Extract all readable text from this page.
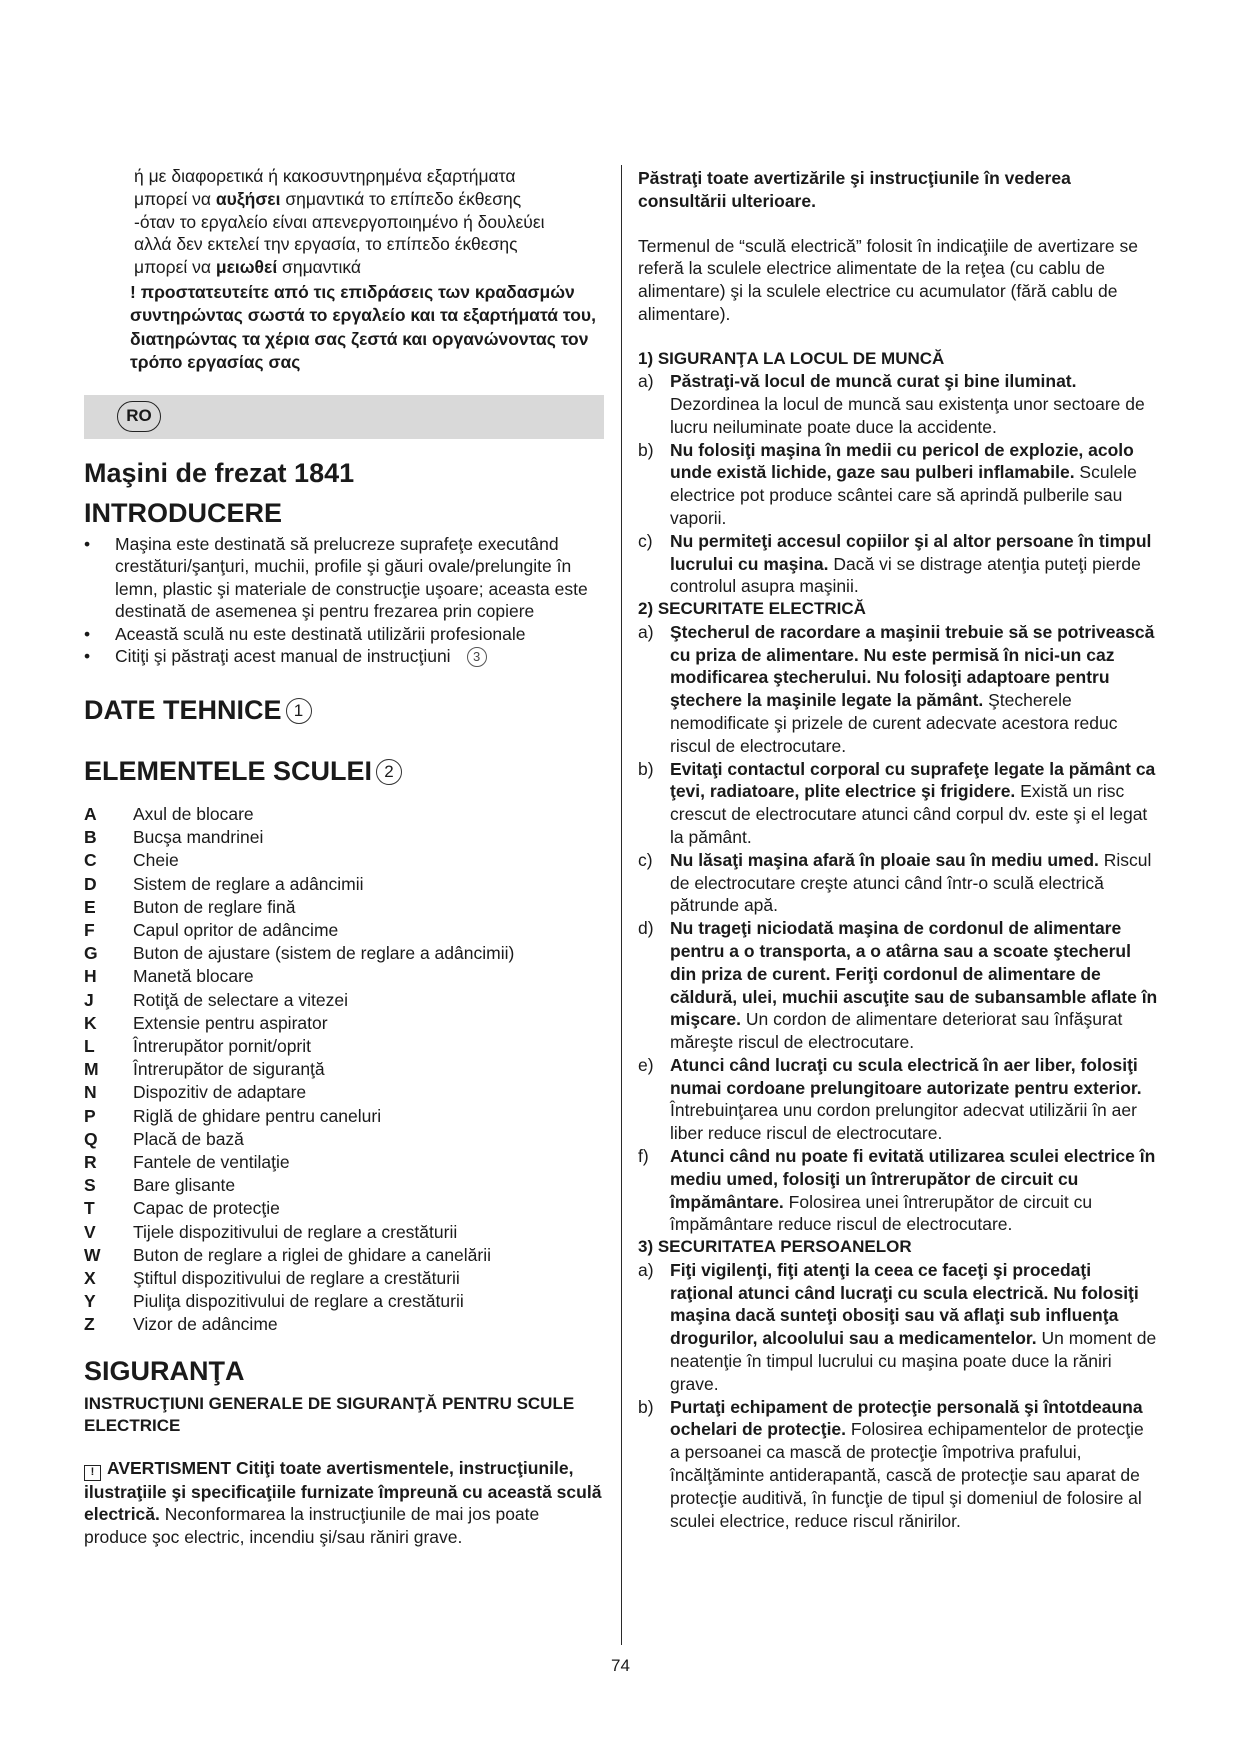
ή με διαφορετικά ή κακοσυντηρημένα εξαρτήματα
μπορεί να αυξήσει σημαντικά το επίπεδο έκθεσης
-όταν το εργαλείο είναι απενεργοποιημένο ή δουλεύει
αλλά δεν εκτελεί την εργασία, το επίπεδο έκθεσης
μπορεί να μειωθεί σημαντικά
! προστατευτείτε από τις επιδράσεις των κραδασμών συντηρώντας σωστά το εργαλείο και τα εξαρτήματά του, διατηρώντας τα χέρια σας ζεστά και οργανώνοντας τον τρόπο εργασίας σας
RO
Maşini de frezat 1841
INTRODUCERE
• Maşina este destinată să prelucreze suprafeţe executând crestături/şanţuri, muchii, profile şi găuri ovale/prelungite în lemn, plastic şi materiale de construcţie uşoare; aceasta este destinată de asemenea şi pentru frezarea prin copiere
• Această sculă nu este destinată utilizării profesionale
• Citiţi şi păstraţi acest manual de instrucţiuni 3
DATE TEHNICE 1
ELEMENTELE SCULEI 2
A	Axul de blocare
B	Bucşa mandrinei
C	Cheie
D	Sistem de reglare a adâncimii
E	Buton de reglare fină
F	Capul opritor de adâncime
G	Buton de ajustare (sistem de reglare a adâncimii)
H	Manetă blocare
J	Rotiţă de selectare a vitezei
K	Extensie pentru aspirator
L	Întrerupător pornit/oprit
M	Întrerupător de siguranţă
N	Dispozitiv de adaptare
P	Riglă de ghidare pentru caneluri
Q	Placă de bază
R	Fantele de ventilaţie
S	Bare glisante
T	Capac de protecţie
V	Tijele dispozitivului de reglare a crestăturii
W	Buton de reglare a riglei de ghidare a canelării
X	Ştiftul dispozitivului de reglare a crestăturii
Y	Piuliţa dispozitivului de reglare a crestăturii
Z	Vizor de adâncime
SIGURANŢA
INSTRUCŢIUNI GENERALE DE SIGURANŢĂ PENTRU SCULE ELECTRICE
! AVERTISMENT Citiţi toate avertismentele, instrucţiunile, ilustraţiile şi specificaţiile furnizate împreună cu această sculă electrică. Neconformarea la instrucţiunile de mai jos poate produce şoc electric, incendiu şi/sau răniri grave.
Păstraţi toate avertizările şi instrucţiunile în vederea consultării ulterioare.
Termenul de “sculă electrică” folosit în indicaţiile de avertizare se referă la sculele electrice alimentate de la reţea (cu cablu de alimentare) şi la sculele electrice cu acumulator (fără cablu de alimentare).
1) SIGURANŢA LA LOCUL DE MUNCĂ
a) Păstraţi-vă locul de muncă curat şi bine iluminat. Dezordinea la locul de muncă sau existenţa unor sectoare de lucru neiluminate poate duce la accidente.
b) Nu folosiţi maşina în medii cu pericol de explozie, acolo unde există lichide, gaze sau pulberi inflamabile. Sculele electrice pot produce scântei care să aprindă pulberile sau vaporii.
c) Nu permiteţi accesul copiilor şi al altor persoane în timpul lucrului cu maşina. Dacă vi se distrage atenţia puteţi pierde controlul asupra maşinii.
2) SECURITATE ELECTRICĂ
a) Ştecherul de racordare a maşinii trebuie să se potrivească cu priza de alimentare. Nu este permisă în nici-un caz modificarea ştecherului. Nu folosiţi adaptoare pentru ştechere la maşinile legate la pământ. Ştecherele nemodificate şi prizele de curent adecvate acestora reduc riscul de electrocutare.
b) Evitaţi contactul corporal cu suprafeţe legate la pământ ca ţevi, radiatoare, plite electrice şi frigidere. Există un risc crescut de electrocutare atunci când corpul dv. este şi el legat la pământ.
c) Nu lăsaţi maşina afară în ploaie sau în mediu umed. Riscul de electrocutare creşte atunci când într-o sculă electrică pătrunde apă.
d) Nu trageţi niciodată maşina de cordonul de alimentare pentru a o transporta, a o atârna sau a scoate ştecherul din priza de curent. Feriţi cordonul de alimentare de căldură, ulei, muchii ascuţite sau de subansamble aflate în mişcare. Un cordon de alimentare deteriorat sau înfăşurat măreşte riscul de electrocutare.
e) Atunci când lucraţi cu scula electrică în aer liber, folosiţi numai cordoane prelungitoare autorizate pentru exterior. Întrebuinţarea unu cordon prelungitor adecvat utilizării în aer liber reduce riscul de electrocutare.
f) Atunci când nu poate fi evitată utilizarea sculei electrice în mediu umed, folosiţi un întrerupător de circuit cu împământare. Folosirea unei întrerupător de circuit cu împământare reduce riscul de electrocutare.
3) SECURITATEA PERSOANELOR
a) Fiţi vigilenţi, fiţi atenţi la ceea ce faceţi şi procedaţi raţional atunci când lucraţi cu scula electrică. Nu folosiţi maşina dacă sunteţi obosiţi sau vă aflaţi sub influenţa drogurilor, alcoolului sau a medicamentelor. Un moment de neatenţie în timpul lucrului cu maşina poate duce la răniri grave.
b) Purtaţi echipament de protecţie personală şi întotdeauna ochelari de protecţie. Folosirea echipamentelor de protecţie a persoanei ca mască de protecţie împotriva prafului, încălţăminte antiderapantă, cască de protecţie sau aparat de protecţie auditivă, în funcţie de tipul şi domeniul de folosire al sculei electrice, reduce riscul rănirilor.
74
